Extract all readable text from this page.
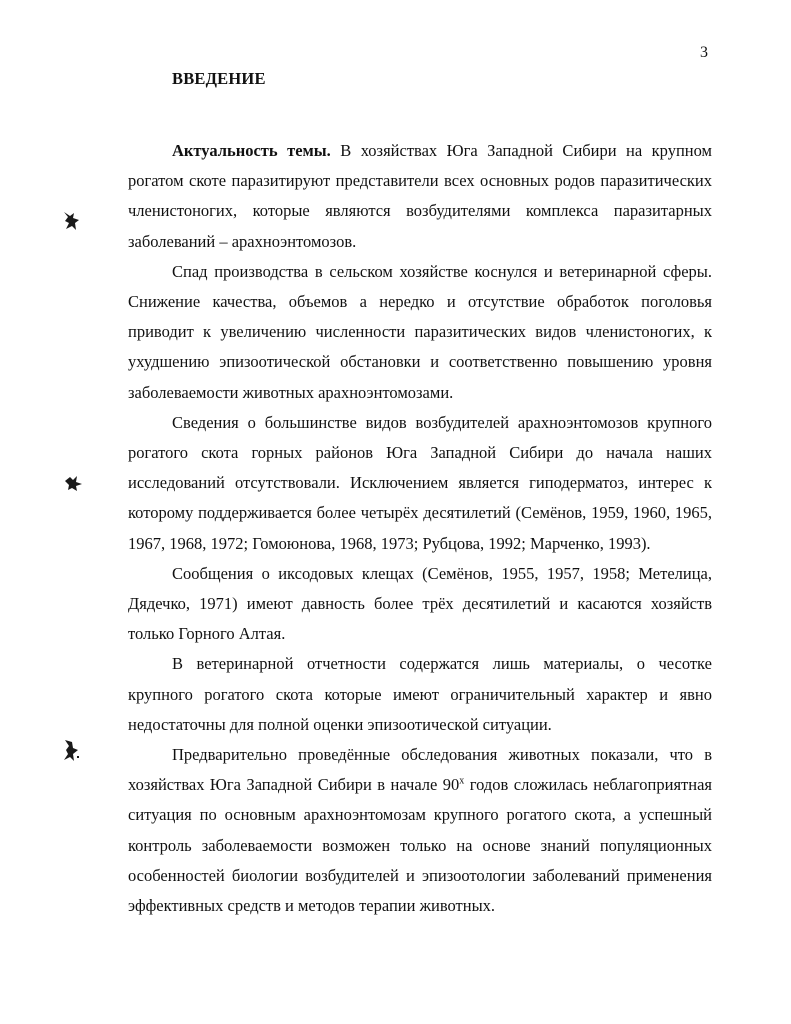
3
ВВЕДЕНИЕ

Актуальность темы. В хозяйствах Юга Западной Сибири на крупном рогатом скоте паразитируют представители всех основных родов паразитических членистоногих, которые являются возбудителями комплекса паразитарных заболеваний – арахноэнтомозов.

Спад производства в сельском хозяйстве коснулся и ветеринарной сферы. Снижение качества, объемов а нередко и отсутствие обработок поголовья приводит к увеличению численности паразитических видов членистоногих, к ухудшению эпизоотической обстановки и соответственно повышению уровня заболеваемости животных арахноэнтомозами.

Сведения о большинстве видов возбудителей арахноэнтомозов крупного рогатого скота горных районов Юга Западной Сибири до начала наших исследований отсутствовали. Исключением является гиподерматоз, интерес к которому поддерживается более четырёх десятилетий (Семёнов, 1959, 1960, 1965, 1967, 1968, 1972; Гомоюнова, 1968, 1973; Рубцова, 1992; Марченко, 1993).

Сообщения о иксодовых клещах (Семёнов, 1955, 1957, 1958; Метелица, Дядечко, 1971) имеют давность более трёх десятилетий и касаются хозяйств только Горного Алтая.

В ветеринарной отчетности содержатся лишь материалы, о чесотке крупного рогатого скота которые имеют ограничительный характер и явно недостаточны для полной оценки эпизоотической ситуации.

Предварительно проведённые обследования животных показали, что в хозяйствах Юга Западной Сибири в начале $90^х$ годов сложилась неблагоприятная ситуация по основным арахноэнтомозам крупного рогатого скота, а успешный контроль заболеваемости возможен только на основе знаний популяционных особенностей биологии возбудителей и эпизоотологии заболеваний применения эффективных средств и методов терапии животных.
